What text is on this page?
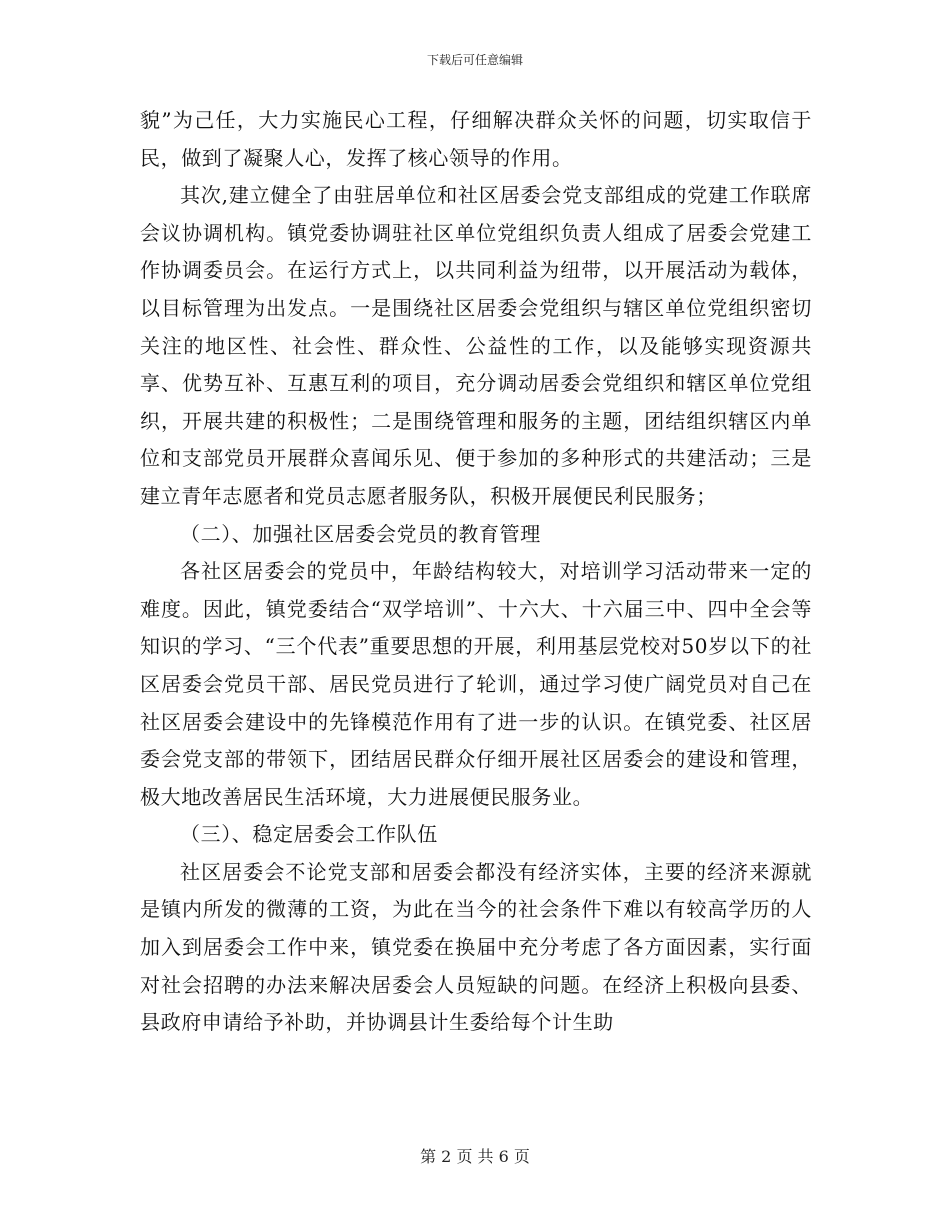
下载后可任意编辑

貌”为己任，大力实施民心工程，仔细解决群众关怀的问题，切实取信于民，做到了凝聚人心，发挥了核心领导的作用。

其次,建立健全了由驻居单位和社区居委会党支部组成的党建工作联席会议协调机构。镇党委协调驻社区单位党组织负责人组成了居委会党建工作协调委员会。在运行方式上，以共同利益为纽带，以开展活动为载体，以目标管理为出发点。一是围绕社区居委会党组织与辖区单位党组织密切关注的地区性、社会性、群众性、公益性的工作，以及能够实现资源共享、优势互补、互惠互利的项目，充分调动居委会党组织和辖区单位党组织，开展共建的积极性；二是围绕管理和服务的主题，团结组织辖区内单位和支部党员开展群众喜闻乐见、便于参加的多种形式的共建活动；三是建立青年志愿者和党员志愿者服务队，积极开展便民利民服务；

（二）、加强社区居委会党员的教育管理

各社区居委会的党员中，年龄结构较大，对培训学习活动带来一定的难度。因此，镇党委结合“双学培训”、十六大、十六届三中、四中全会等知识的学习、“三个代表”重要思想的开展，利用基层党校对50岁以下的社区居委会党员干部、居民党员进行了轮训，通过学习使广阔党员对自己在社区居委会建设中的先锋模范作用有了进一步的认识。在镇党委、社区居委会党支部的带领下，团结居民群众仔细开展社区居委会的建设和管理，极大地改善居民生活环境，大力进展便民服务业。

（三）、稳定居委会工作队伍

社区居委会不论党支部和居委会都没有经济实体，主要的经济来源就是镇内所发的微薄的工资，为此在当今的社会条件下难以有较高学历的人加入到居委会工作中来，镇党委在换届中充分考虑了各方面因素，实行面对社会招聘的办法来解决居委会人员短缺的问题。在经济上积极向县委、县政府申请给予补助，并协调县计生委给每个计生助

第 2 页 共 6 页
